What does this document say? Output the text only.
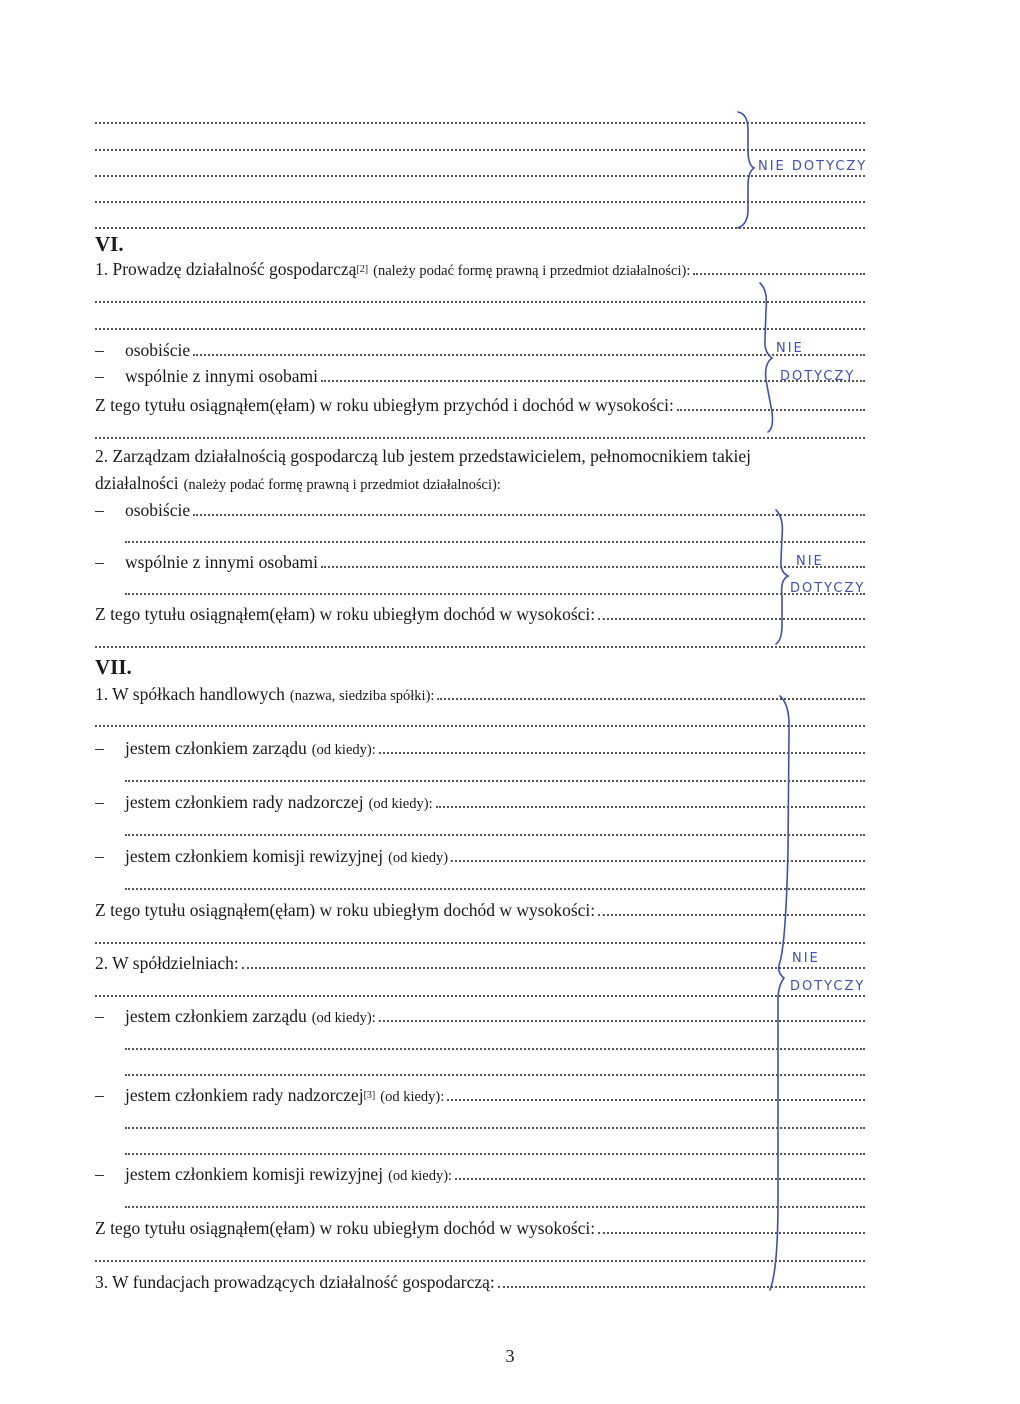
VI.
1. Prowadzę działalność gospodarczą[2] (należy podać formę prawną i przedmiot działalności):
–	osobiście
–	wspólnie z innymi osobami
Z tego tytułu osiągnąłem(ęłam) w roku ubiegłym przychód i dochód w wysokości:
2. Zarządzam działalnością gospodarczą lub jestem przedstawicielem, pełnomocnikiem takiej
działalności (należy podać formę prawną i przedmiot działalności):
–	osobiście
–	wspólnie z innymi osobami
Z tego tytułu osiągnąłem(ęłam) w roku ubiegłym dochód w wysokości:
VII.
1. W spółkach handlowych (nazwa, siedziba spółki):
–	jestem członkiem zarządu (od kiedy):
–	jestem członkiem rady nadzorczej (od kiedy):
–	jestem członkiem komisji rewizyjnej (od kiedy)
Z tego tytułu osiągnąłem(ęłam) w roku ubiegłym dochód w wysokości:
2. W spółdzielniach:
–	jestem członkiem zarządu (od kiedy):
–	jestem członkiem rady nadzorczej[3] (od kiedy):
–	jestem członkiem komisji rewizyjnej (od kiedy):
Z tego tytułu osiągnąłem(ęłam) w roku ubiegłym dochód w wysokości:
3. W fundacjach prowadzących działalność gospodarczą:
3
NIE DOTYCZY
NIE
DOTYCZY
NIE
DOTYCZY
NIE
DOTYCZY
